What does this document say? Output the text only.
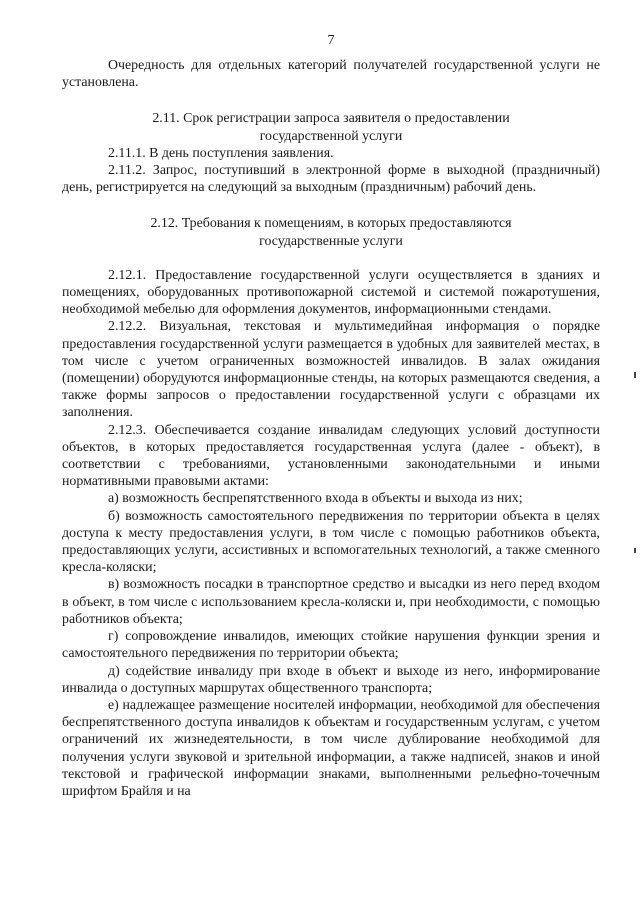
7

Очередность для отдельных категорий получателей государственной услуги не установлена.

2.11. Срок регистрации запроса заявителя о предоставлении
государственной услуги

2.11.1. В день поступления заявления.

2.11.2. Запрос, поступивший в электронной форме в выходной (праздничный) день, регистрируется на следующий за выходным (праздничным) рабочий день.

2.12. Требования к помещениям, в которых предоставляются
государственные услуги

2.12.1. Предоставление государственной услуги осуществляется в зданиях и помещениях, оборудованных противопожарной системой и системой пожаротушения, необходимой мебелью для оформления документов, информационными стендами.

2.12.2. Визуальная, текстовая и мультимедийная информация о порядке предоставления государственной услуги размещается в удобных для заявителей местах, в том числе с учетом ограниченных возможностей инвалидов. В залах ожидания (помещении) оборудуются информационные стенды, на которых размещаются сведения, а также формы запросов о предоставлении государственной услуги с образцами их заполнения.

2.12.3. Обеспечивается создание инвалидам следующих условий доступности объектов, в которых предоставляется государственная услуга (далее - объект), в соответствии с требованиями, установленными законодательными и иными нормативными правовыми актами:

а) возможность беспрепятственного входа в объекты и выхода из них;

б) возможность самостоятельного передвижения по территории объекта в целях доступа к месту предоставления услуги, в том числе с помощью работников объекта, предоставляющих услуги, ассистивных и вспомогательных технологий, а также сменного кресла-коляски;

в) возможность посадки в транспортное средство и высадки из него перед входом в объект, в том числе с использованием кресла-коляски и, при необходимости, с помощью работников объекта;

г) сопровождение инвалидов, имеющих стойкие нарушения функции зрения и самостоятельного передвижения по территории объекта;

д) содействие инвалиду при входе в объект и выходе из него, информирование инвалида о доступных маршрутах общественного транспорта;

е) надлежащее размещение носителей информации, необходимой для обеспечения беспрепятственного доступа инвалидов к объектам и государственным услугам, с учетом ограничений их жизнедеятельности, в том числе дублирование необходимой для получения услуги звуковой и зрительной информации, а также надписей, знаков и иной текстовой и графической информации знаками, выполненными рельефно-точечным шрифтом Брайля и на
